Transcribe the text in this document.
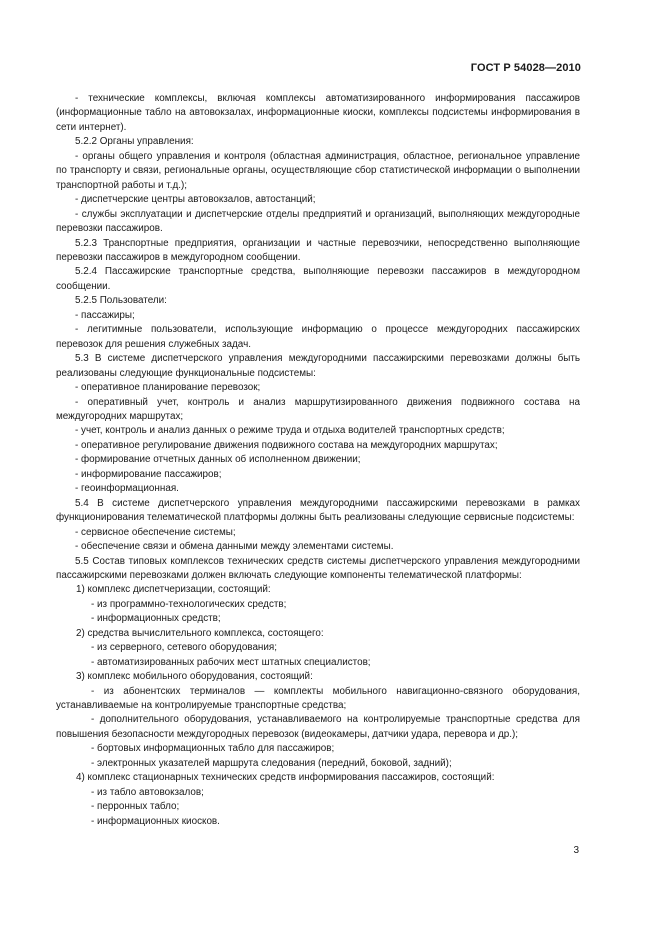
ГОСТ Р 54028—2010

- технические комплексы, включая комплексы автоматизированного информирования пассажиров (информационные табло на автовокзалах, информационные киоски, комплексы подсистемы информирования в сети интернет).

5.2.2 Органы управления:

- органы общего управления и контроля (областная администрация, областное, региональное управление по транспорту и связи, региональные органы, осуществляющие сбор статистической информации о выполнении транспортной работы и т.д.);

- диспетчерские центры автовокзалов, автостанций;

- службы эксплуатации и диспетчерские отделы предприятий и организаций, выполняющих междугородные перевозки пассажиров.

5.2.3 Транспортные предприятия, организации и частные перевозчики, непосредственно выполняющие перевозки пассажиров в междугородном сообщении.

5.2.4 Пассажирские транспортные средства, выполняющие перевозки пассажиров в междугородном сообщении.

5.2.5 Пользователи:

- пассажиры;

- легитимные пользователи, использующие информацию о процессе междугородних пассажирских перевозок для решения служебных задач.

5.3 В системе диспетчерского управления междугородними пассажирскими перевозками должны быть реализованы следующие функциональные подсистемы:

- оперативное планирование перевозок;

- оперативный учет, контроль и анализ маршрутизированного движения подвижного состава на междугородних маршрутах;

- учет, контроль и анализ данных о режиме труда и отдыха водителей транспортных средств;

- оперативное регулирование движения подвижного состава на междугородних маршрутах;

- формирование отчетных данных об исполненном движении;

- информирование пассажиров;

- геоинформационная.

5.4 В системе диспетчерского управления междугородними пассажирскими перевозками в рамках функционирования телематической платформы должны быть реализованы следующие сервисные подсистемы:

- сервисное обеспечение системы;

- обеспечение связи и обмена данными между элементами системы.

5.5 Состав типовых комплексов технических средств системы диспетчерского управления междугородними пассажирскими перевозками должен включать следующие компоненты телематической платформы:

1) комплекс диспетчеризации, состоящий:

- из программно-технологических средств;

- информационных средств;

2) средства вычислительного комплекса, состоящего:

- из серверного, сетевого оборудования;

- автоматизированных рабочих мест штатных специалистов;

3) комплекс мобильного оборудования, состоящий:

- из абонентских терминалов — комплекты мобильного навигационно-связного оборудования, устанавливаемые на контролируемые транспортные средства;

- дополнительного оборудования, устанавливаемого на контролируемые транспортные средства для повышения безопасности междугородных перевозок (видеокамеры, датчики удара, перевора и др.);

- бортовых информационных табло для пассажиров;

- электронных указателей маршрута следования (передний, боковой, задний);

4) комплекс стационарных технических средств информирования пассажиров, состоящий:

- из табло автовокзалов;

- перронных табло;

- информационных киосков.

3
